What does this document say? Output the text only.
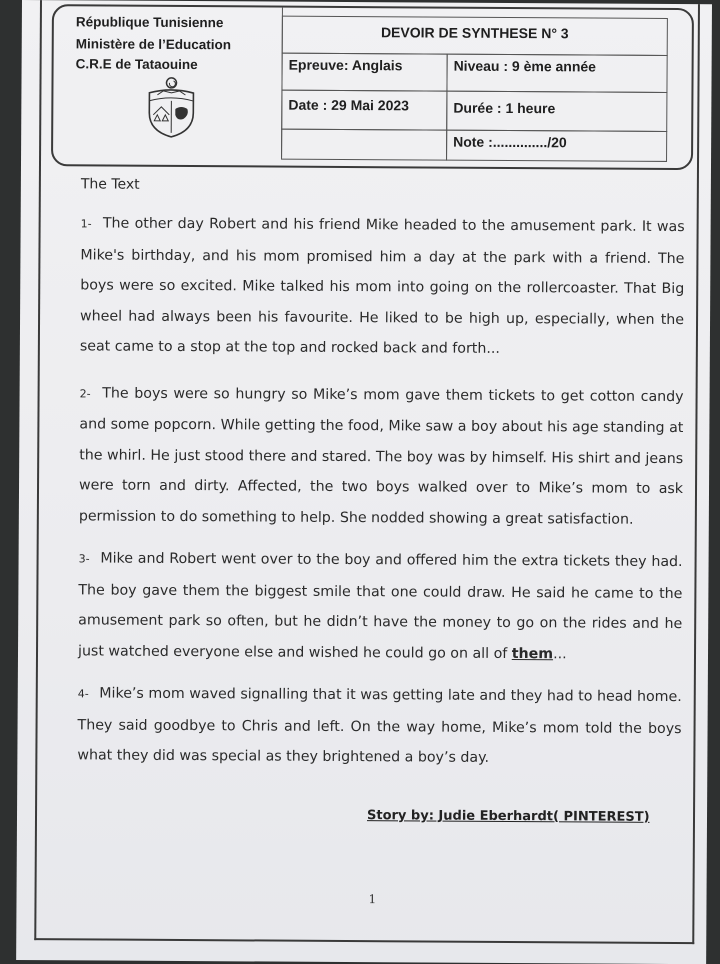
République Tunisienne
Ministère de l’Education
C.R.E de Tataouine
DEVOIR DE SYNTHESE N° 3
Epreuve: Anglais	Niveau : 9 ème année
Date : 29 Mai 2023	Durée : 1 heure
Note :............../20
The Text

1- The other day Robert and his friend Mike headed to the amusement park. It was Mike's birthday, and his mom promised him a day at the park with a friend. The boys were so excited. Mike talked his mom into going on the rollercoaster. That Big wheel had always been his favourite. He liked to be high up, especially, when the seat came to a stop at the top and rocked back and forth...

2- The boys were so hungry so Mike’s mom gave them tickets to get cotton candy and some popcorn. While getting the food, Mike saw a boy about his age standing at the whirl. He just stood there and stared. The boy was by himself. His shirt and jeans were torn and dirty. Affected, the two boys walked over to Mike’s mom to ask permission to do something to help. She nodded showing a great satisfaction.

3- Mike and Robert went over to the boy and offered him the extra tickets they had. The boy gave them the biggest smile that one could draw. He said he came to the amusement park so often, but he didn’t have the money to go on the rides and he just watched everyone else and wished he could go on all of them...

4- Mike’s mom waved signalling that it was getting late and they had to head home. They said goodbye to Chris and left. On the way home, Mike’s mom told the boys what they did was special as they brightened a boy’s day.

Story by: Judie Eberhardt( PINTEREST)
1
